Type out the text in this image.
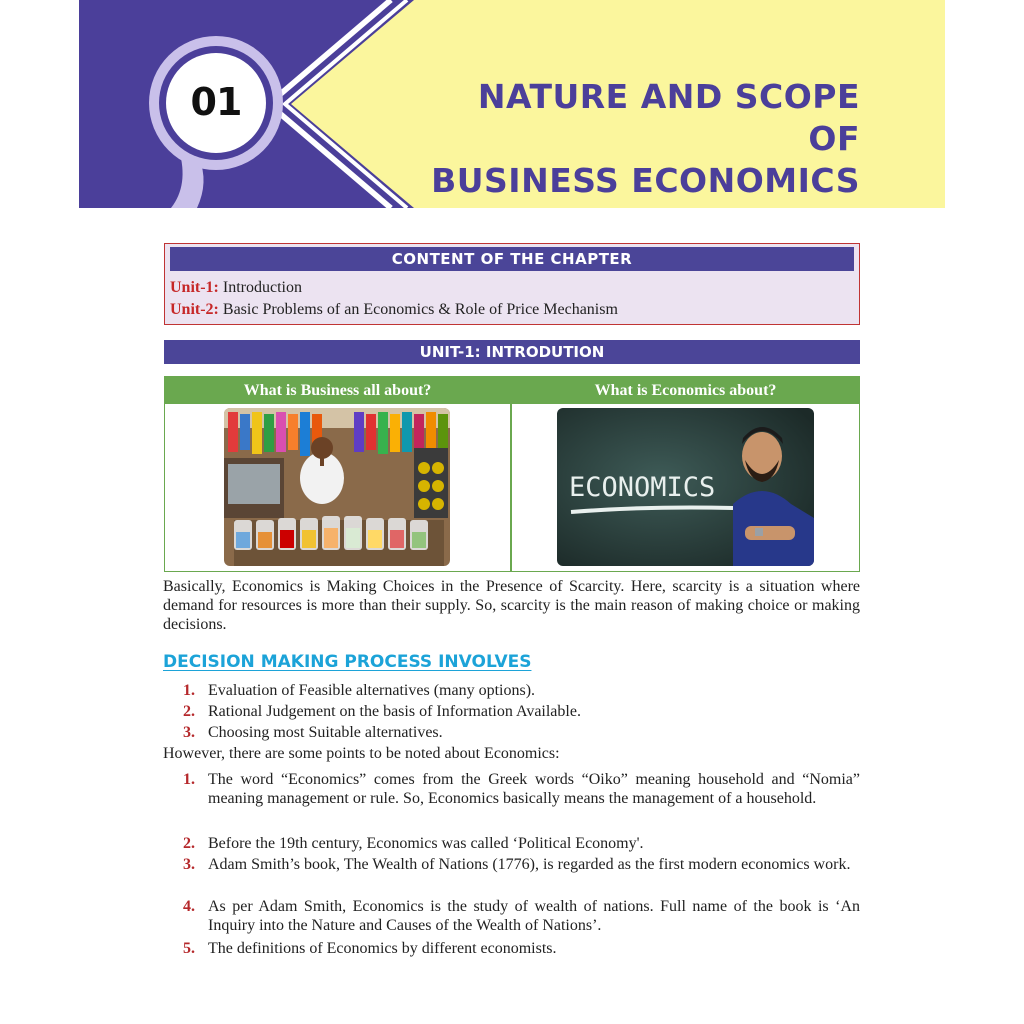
01	NATURE AND SCOPE OF
BUSINESS ECONOMICS
CONTENT OF THE CHAPTER
Unit-1: Introduction
Unit-2: Basic Problems of an Economics & Role of Price Mechanism
UNIT-1: INTRODUTION
What is Business all about?	What is Economics about?
ECONOMICS
Basically, Economics is Making Choices in the Presence of Scarcity. Here, scarcity is a situation where demand for resources is more than their supply. So, scarcity is the main reason of making choice or making decisions.
DECISION MAKING PROCESS INVOLVES
1. Evaluation of Feasible alternatives (many options).
2. Rational Judgement on the basis of Information Available.
3. Choosing most Suitable alternatives.
However, there are some points to be noted about Economics:
1. The word “Economics” comes from the Greek words “Oiko” meaning household and “Nomia” meaning management or rule. So, Economics basically means the management of a household.
2. Before the 19th century, Economics was called ‘Political Economy'.
3. Adam Smith’s book, The Wealth of Nations (1776), is regarded as the first modern economics work.
4. As per Adam Smith, Economics is the study of wealth of nations. Full name of the book is ‘An Inquiry into the Nature and Causes of the Wealth of Nations’.
5. The definitions of Economics by different economists.
